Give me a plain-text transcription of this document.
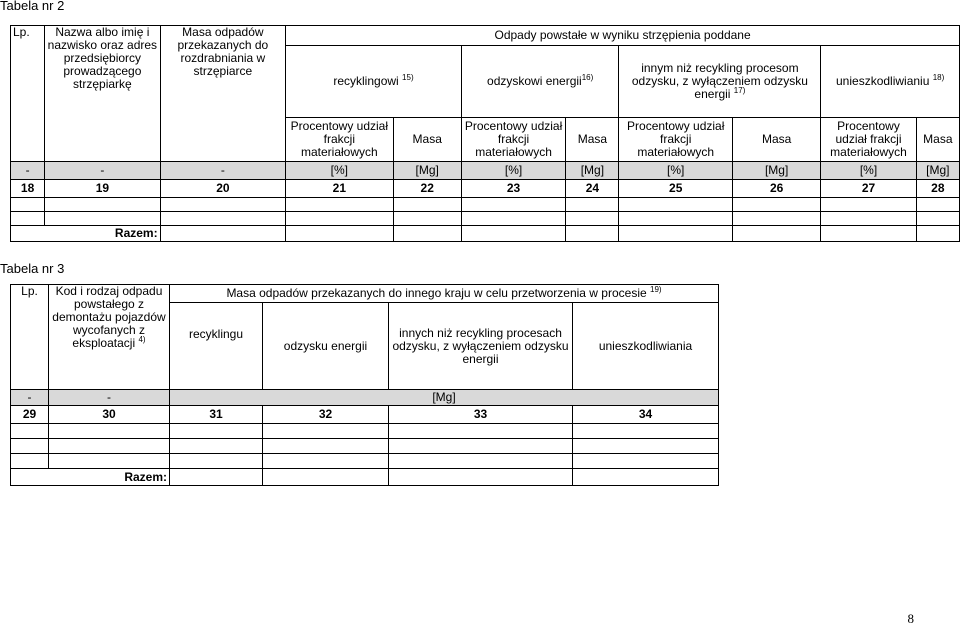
Tabela nr 2
Lp.	Nazwa albo imię i nazwisko oraz adres przedsiębiorcy prowadzącego strzępiarkę	Masa odpadów przekazanych do rozdrabniania w strzępiarce	Odpady powstałe w wyniku strzępienia poddane							
			recyklingowi $^{15)}$		odzyskowi energii$^{16)}$		innym niż recykling procesom odzysku, z wyłączeniem odzysku energii $^{17)}$		unieszkodliwianiu $^{18)}$
			Procentowy udział frakcji materiałowych	Masa	Procentowy udział frakcji materiałowych	Masa	Procentowy udział frakcji materiałowych	Masa	Procentowy udział frakcji materiałowych	Masa
-	-	-	[%]	[Mg]	[%]	[Mg]	[%]	[Mg]	[%]	[Mg]
18	19	20	21	22	23	24	25	26	27	28

Razem:										
Tabela nr 3
Lp.	Kod i rodzaj odpadu powstałego z demontażu pojazdów wycofanych z eksploatacji $^{4)}$	Masa odpadów przekazanych do innego kraju w celu przetworzenia w procesie $^{19)}$
		recyklingu	odzysku energii	innych niż recykling procesach odzysku, z wyłączeniem odzysku energii	unieszkodliwiania
-	-	[Mg]			
29	30	31	32	33	34

Razem:					
8
